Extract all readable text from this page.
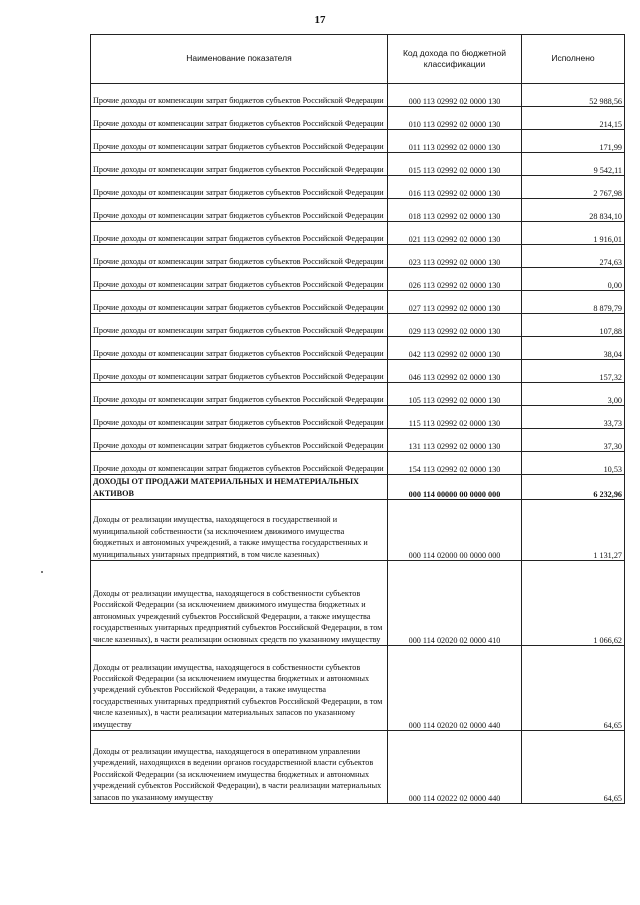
17
Наименование показателя	Код дохода по бюджетной классификации	Исполнено
Прочие доходы от компенсации затрат бюджетов субъектов Российской Федерации	000 113 02992 02 0000 130	52 988,56
Прочие доходы от компенсации затрат бюджетов субъектов Российской Федерации	010 113 02992 02 0000 130	214,15
Прочие доходы от компенсации затрат бюджетов субъектов Российской Федерации	011 113 02992 02 0000 130	171,99
Прочие доходы от компенсации затрат бюджетов субъектов Российской Федерации	015 113 02992 02 0000 130	9 542,11
Прочие доходы от компенсации затрат бюджетов субъектов Российской Федерации	016 113 02992 02 0000 130	2 767,98
Прочие доходы от компенсации затрат бюджетов субъектов Российской Федерации	018 113 02992 02 0000 130	28 834,10
Прочие доходы от компенсации затрат бюджетов субъектов Российской Федерации	021 113 02992 02 0000 130	1 916,01
Прочие доходы от компенсации затрат бюджетов субъектов Российской Федерации	023 113 02992 02 0000 130	274,63
Прочие доходы от компенсации затрат бюджетов субъектов Российской Федерации	026 113 02992 02 0000 130	0,00
Прочие доходы от компенсации затрат бюджетов субъектов Российской Федерации	027 113 02992 02 0000 130	8 879,79
Прочие доходы от компенсации затрат бюджетов субъектов Российской Федерации	029 113 02992 02 0000 130	107,88
Прочие доходы от компенсации затрат бюджетов субъектов Российской Федерации	042 113 02992 02 0000 130	38,04
Прочие доходы от компенсации затрат бюджетов субъектов Российской Федерации	046 113 02992 02 0000 130	157,32
Прочие доходы от компенсации затрат бюджетов субъектов Российской Федерации	105 113 02992 02 0000 130	3,00
Прочие доходы от компенсации затрат бюджетов субъектов Российской Федерации	115 113 02992 02 0000 130	33,73
Прочие доходы от компенсации затрат бюджетов субъектов Российской Федерации	131 113 02992 02 0000 130	37,30
Прочие доходы от компенсации затрат бюджетов субъектов Российской Федерации	154 113 02992 02 0000 130	10,53
ДОХОДЫ ОТ ПРОДАЖИ МАТЕРИАЛЬНЫХ И НЕМАТЕРИАЛЬНЫХ АКТИВОВ	000 114 00000 00 0000 000	6 232,96
Доходы от реализации имущества, находящегося в государственной и муниципальной собственности (за исключением движимого имущества бюджетных и автономных учреждений, а также имущества государственных и муниципальных унитарных предприятий, в том числе казенных)	000 114 02000 00 0000 000	1 131,27
Доходы от реализации имущества, находящегося в собственности субъектов Российской Федерации (за исключением движимого имущества бюджетных и автономных учреждений субъектов Российской Федерации, а также имущества государственных унитарных предприятий субъектов Российской Федерации, в том числе казенных), в части реализации основных средств по указанному имуществу	000 114 02020 02 0000 410	1 066,62
Доходы от реализации имущества, находящегося в собственности субъектов Российской Федерации (за исключением имущества бюджетных и автономных учреждений субъектов Российской Федерации, а также имущества государственных унитарных предприятий субъектов Российской Федерации, в том числе казенных), в части реализации материальных запасов по указанному имуществу	000 114 02020 02 0000 440	64,65
Доходы от реализации имущества, находящегося в оперативном управлении учреждений, находящихся в ведении органов государственной власти субъектов Российской Федерации (за исключением имущества бюджетных и автономных учреждений субъектов Российской Федерации), в части реализации материальных запасов по указанному имуществу	000 114 02022 02 0000 440	64,65
